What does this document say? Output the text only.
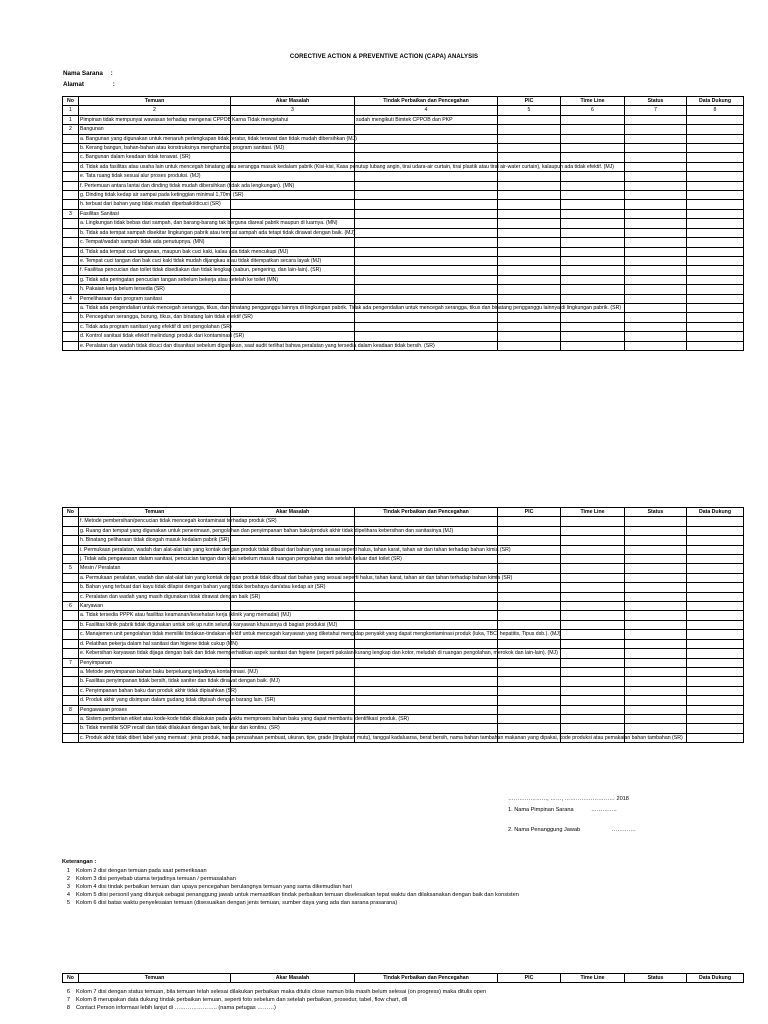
CORECTIVE ACTION & PREVENTIVE ACTION (CAPA) ANALYSIS
Nama Sarana :
Alamat	:
No	Temuan	Akar Masalah	Tindak Perbaikan dan Pencegahan	PIC	Time Line	Status	Data Dukung
1	2	3	4	5	6	7	8
1	Pimpinan tidak mempunyai wawasan terhadap mengenai CPPOB	Karna Tidak mengetahui	sudah mengikuti Bimtek CPPOB dan PKP				
2	Bangunan						
	a. Bangunan yang digunakan untuk menaruh perlengkapan tidak teratur, tidak terawat dan tidak mudah dibersihkan (MJ)						
	b. Kerang bangun, bahan-bahan atau konstruksinya menghambat program sanitasi. (MJ)						
	c. Bangunan dalam keadaan tidak terawat. (SR)						
	d. Tidak ada fasilitas atau usaha lain untuk mencegah binatang atau serangga masuk kedalam pabrik (Kisi-kisi, Kasa penutup lubang angin, tirai udara-air curtain, tirai plastik atau tirai air-water curtain), kalaupun ada tidak efektif. (MJ)						
	e. Tata ruang tidak sesuai alur proses produksi. (MJ)						
	f. Pertemuan antara lantai dan dinding tidak mudah dibersihkan (tidak ada lengkungan). (MN)						
	g. Dinding tidak kedap air sampai pada ketinggian minimal 1,70m. (SR)						
	h. terbuat dari bahan yang tidak mudah diperbaiki/dicuci (SR)						
3	Fasilitas Sanitasi						
	a. Lingkungan tidak bebas dari sampah, dan barang-barang tak berguna diareal pabrik maupun di luarnya. (MN)						
	b. Tidak ada tempat sampah disekitar lingkungan pabrik atau tempat sampah ada tetapi tidak dirawat dengan baik. (MJ)						
	c. Tempat/wadah sampah tidak ada penutupnya. (MN)						
	d. Tidak ada tempat cuci tanganan, maupun bak cuci kaki, kalau ada tidak mencukupi (MJ)						
	e. Tempat cuci tangan dan bak cuci kaki tidak mudah dijangkau atau tidak ditempatkan secara layak (MJ)						
	f. Fasilitas pencucian dan toilet tidak disediakan dan tidak lengkap (sabun, pengering, dan lain-lain). (SR)						
	g. Tidak ada peringatan pencucian tangan sebelum bekerja atau setelah ke toilet (MN)						
	h. Pakaian kerja belum tersedia (SR)						
4	Pemeliharaan dan program sanitasi						
	a. Tidak ada pengendalian untuk mencegah serangga, tikus, dan binatang pengganggu lainnya di lingkungan pabrik. Tidak ada pengendalian untuk mencegah serangga, tikus dan binatang pengganggu lainnya di lingkungan pabrik. (SR)						
	b. Pencegahan serangga, burung, tikus, dan binatang lain tidak efektif (SR)						
	c. Tidak ada program sanitasi yang efektif di unit pengolahan (SR)						
	d. Kontrol sanitasi tidak efektif melindungi produk dari kontaminasi (SR)						
	e. Peralatan dan wadah tidak dicuci dan disanitasi sebelum digunakan, saat audit terlihat bahwa peralatan yang tersedia dalam keadaan tidak bersih. (SR)						
No	Temuan	Akar Masalah	Tindak Perbaikan dan Pencegahan	PIC	Time Line	Status	Data Dukung
	f. Metode pembersihan/pencucian tidak mencegah kontaminasi terhadap produk (SR)						
	g. Ruang dan tempat yang digunakan untuk penerimaan, pengolahan dan penyimpanan bahan baku/produk akhir tidak dipelihara kebersihan dan sanitasinya (MJ)						
	h. Binatang peliharaan tidak dicegah masuk kedalam pabrik (SR)						
	i. Permukaan peralatan, wadah dan alat-alat lain yang kontak dengan produk tidak dibuat dari bahan yang sesuai seperti halus, tahan karat, tahan air dan tahan terhadap bahan kimia (SR)						
	j. Tidak ada pengawasan dalam sanitasi, pencucian tangan dan kaki sebelum masuk ruangan pengolahan dan setelah keluar dari toilet (SR)						
5	Mesin / Peralatan						
	a. Permukaan peralatan, wadah dan alat-alat lain yang kontak dengan produk tidak dibuat dari bahan yang sesuai seperti halus, tahan karat, tahan air dan tahan terhadap bahan kimia (SR)						
	b. Bahan yang terbuat dari kayu tidak dilapisi dengan bahan yang tidak berbahaya dan/atau kedap air (SR)						
	c. Peralatan dan wadah yang masih digunakan tidak dirawat dengan baik (SR)						
6	Karyawan						
	a. Tidak tersedia PPPK atau fasilitas keamanan/kesehatan kerja (klinik yang memadai) (MJ)						
	b. Fasilitas klinik pabrik tidak digunakan untuk cek up rutin seluruh karyawan khususnya di bagian produksi (MJ)						
	c. Manajemen unit pengolahan tidak memiliki tindakan-tindakan efektif untuk mencegah karyawan yang diketahui mengidap penyakit yang dapat mengkontaminasi produk (luka, TBC, hepatitis, Tipus dsb.). (MJ)						
	d. Pelatihan pekerja dalam hal sanitasi dan higiene tidak cukup (MN)						
	e. Kebersihan karyawan tidak dijaga dengan baik dan tidak memperhatikan aspek sanitasi dan higiene (seperti pakaian kurang lengkap dan kotor, meludah di ruangan pengolahan, merokok dan lain-lain). (MJ)						
7	Penyimpanan						
	a. Metode penyimpanan bahan baku berpeluang terjadinya kontaminasi. (MJ)						
	b. Fasilitas penyimpanan tidak bersih, tidak saniter dan tidak dirawat dengan baik. (MJ)						
	c. Penyimpanan bahan baku dan produk akhir tidak dipisahkan (SR)						
	d. Produk akhir yang disimpan dalam gudang tidak ditpisah dengan barang lain. (SR)						
8	Pengawasan proses						
	a. Sistem pemberian etiket atau kode-kode tidak dilakukan pada waktu memproses bahan baku yang dapat membantu identifikasi produk. (SR)						
	b. Tidak memiliki SOP recall dan tidak dilakukan dengan baik, teratur dan kontinu. (SR)						
	c. Produk akhir tidak diberi label yang memuat : jenis produk, nama perusahaan pembuat, ukuran, tipe, grade (tingkatan mutu), tanggal kadaluarsa, berat bersih, nama bahan tambahan makanan yang dipakai, kode produksi atau pemakaian bahan tambahan (SR)						
…………………, ……, ……………………… 2018
1. Nama Pimpinan Sarana	…………..
2. Nama Penanggung Jawab	………….
Keterangan :
1	Kolom 2 disi dengan temuan pada saat pemeriksaan
2	Kolom 3 disi penyebab utama terjadinya temuan / permasalahan
3	Kolom 4 disi tindak perbaikan temuan dan upaya pencegahan berulangnya temuan yang sama dikemudian hari
4	Kolom 5 diisi personil yang ditunjuk sebagai penanggung jawab untuk memastikan tindak perbaikan temuan diselesaikan tepat waktu dan dilaksanakan dengan baik dan konsisten
5	Kolom 6 disi batas waktu penyelesaian temuan (disesuaikan dengan jenis temuan, sumber daya yang ada dan sarana prasarana)
No	Temuan	Akar Masalah	Tindak Perbaikan dan Pencegahan	PIC	Time Line	Status	Data Dukung
6	Kolom 7 disi dengan status temuan, bila temuan telah selesai dilakukan perbaikan maka ditulis close namun bila masih belum selesai (on progress) maka ditulis open
7	Kolom 8 merupakan data dukung tindak perbaikan temuan, seperti foto sebelum dan setelah perbaikan, prosedur, tabel, flow chart, dll
8	Contact Person informasi lebih lanjut di ………………….. (nama petugas ………)
